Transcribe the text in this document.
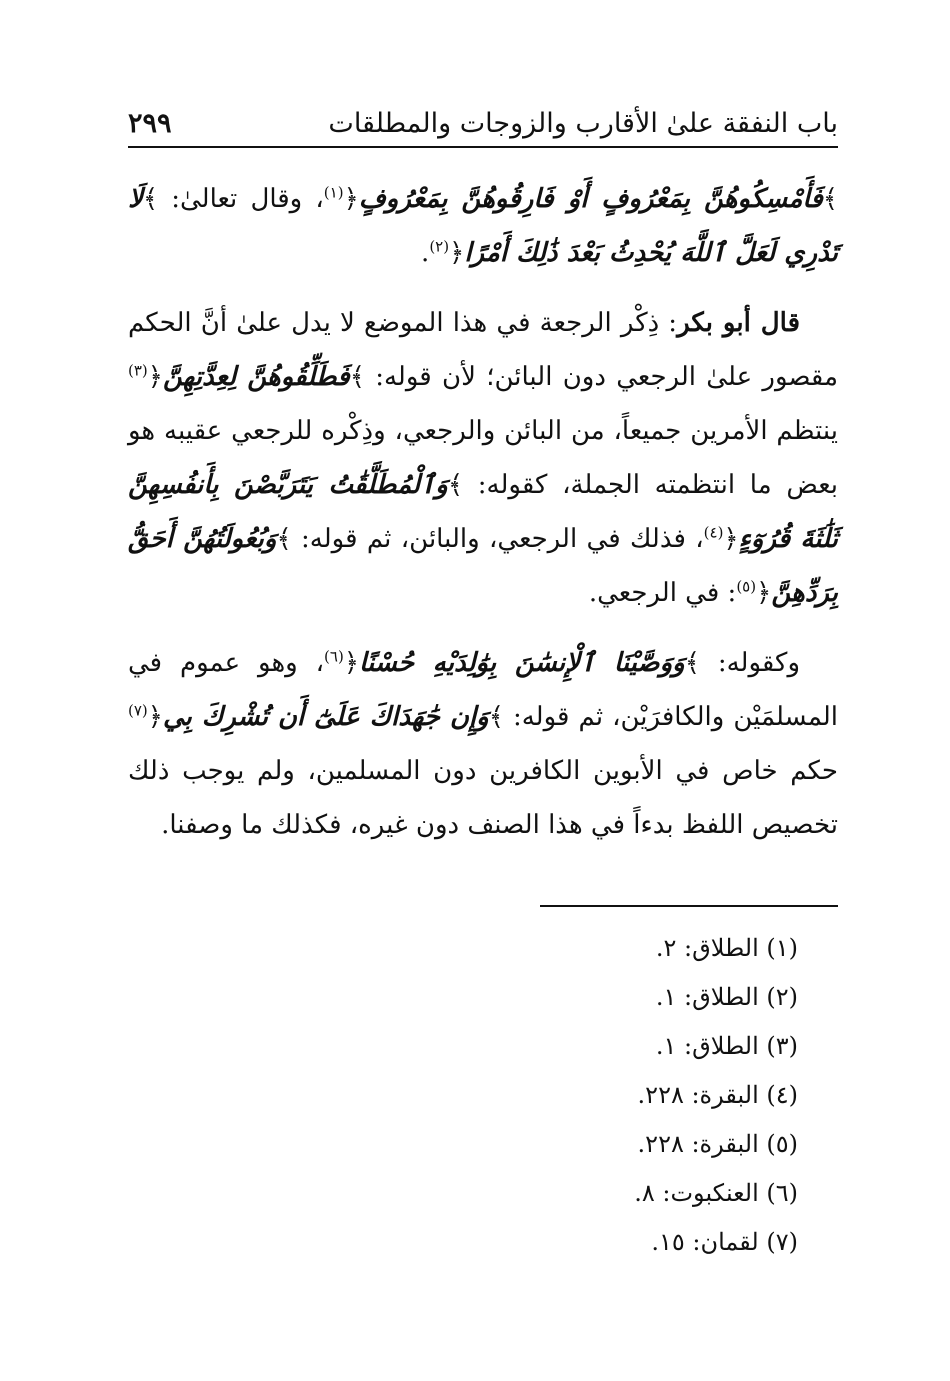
٢٩٩	باب النفقة علىٰ الأقارب والزوجات والمطلقات

﴾فَأَمْسِكُوهُنَّ بِمَعْرُوفٍ أَوْ فَارِقُوهُنَّ بِمَعْرُوفٍ﴿$^{(١)}$، وقال تعالىٰ: ﴾لَا تَدْرِي لَعَلَّ ٱللَّهَ يُحْدِثُ بَعْدَ ذَٰلِكَ أَمْرًا﴿$^{(٢)}$.

قال أبو بكر: ذِكْر الرجعة في هذا الموضع لا يدل علىٰ أنَّ الحكم مقصور علىٰ الرجعي دون البائن؛ لأن قوله: ﴾فَطَلِّقُوهُنَّ لِعِدَّتِهِنَّ﴿$^{(٣)}$ ينتظم الأمرين جميعاً، من البائن والرجعي، وذِكْره للرجعي عقيبه هو بعض ما انتظمته الجملة، كقوله: ﴾وَٱلْمُطَلَّقَٰتُ يَتَرَبَّصْنَ بِأَنفُسِهِنَّ ثَلَٰثَةَ قُرُوٓءٍ﴿$^{(٤)}$، فذلك في الرجعي، والبائن، ثم قوله: ﴾وَبُعُولَتُهُنَّ أَحَقُّ بِرَدِّهِنَّ﴿$^{(٥)}$: في الرجعي.

وكقوله: ﴾وَوَصَّيْنَا ٱلْإِنسَٰنَ بِوَٰلِدَيْهِ حُسْنًا﴿$^{(٦)}$، وهو عموم في المسلمَيْن والكافرَيْن، ثم قوله: ﴾وَإِن جَٰهَدَاكَ عَلَىٰٓ أَن تُشْرِكَ بِي﴿$^{(٧)}$ حكم خاص في الأبوين الكافرين دون المسلمين، ولم يوجب ذلك تخصيص اللفظ بدءاً في هذا الصنف دون غيره، فكذلك ما وصفنا.

(١) الطلاق: ٢.
(٢) الطلاق: ١.
(٣) الطلاق: ١.
(٤) البقرة: ٢٢٨.
(٥) البقرة: ٢٢٨.
(٦) العنكبوت: ٨.
(٧) لقمان: ١٥.
